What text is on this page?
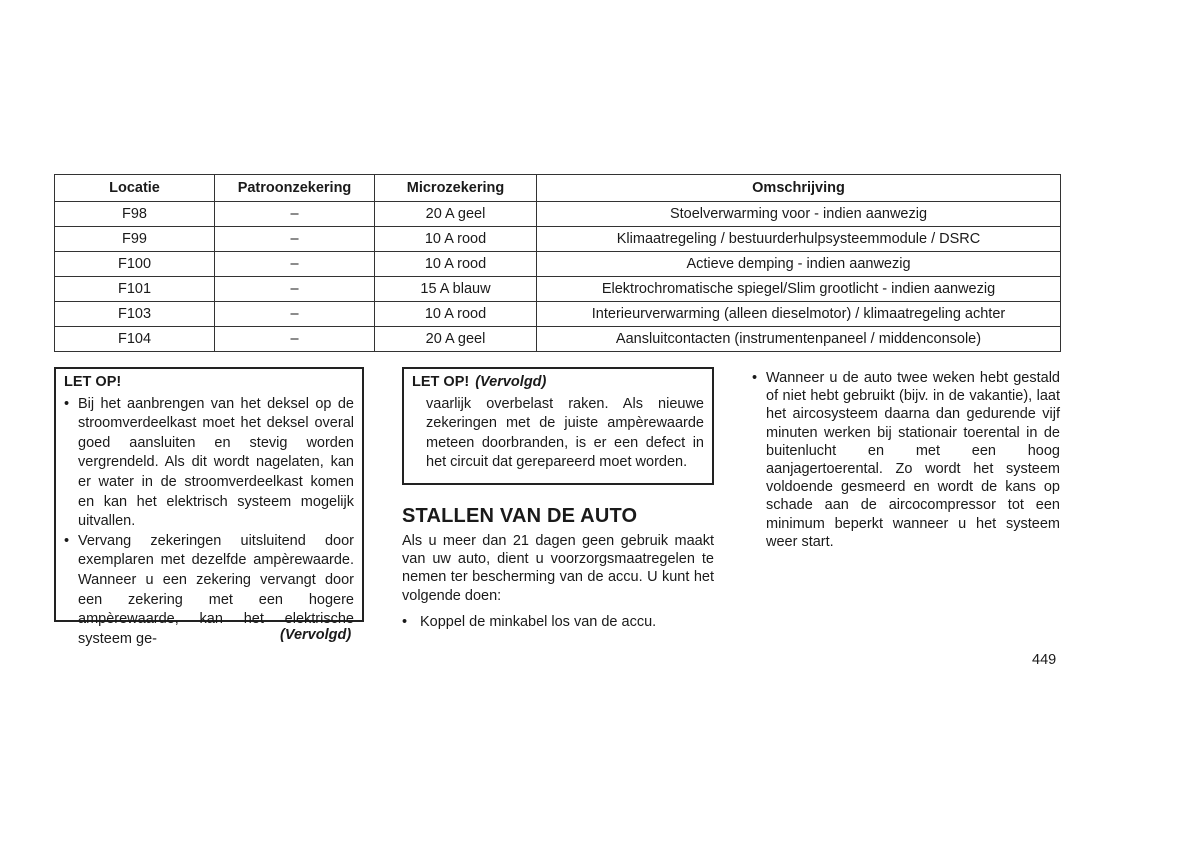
Locatie	Patroonzekering	Microzekering	Omschrijving
F98	–	20 A geel	Stoelverwarming voor - indien aanwezig
F99	–	10 A rood	Klimaatregeling / bestuurderhulpsysteemmodule / DSRC
F100	–	10 A rood	Actieve demping - indien aanwezig
F101	–	15 A blauw	Elektrochromatische spiegel/Slim grootlicht - indien aanwezig
F103	–	10 A rood	Interieurverwarming (alleen dieselmotor) / klimaatregeling achter
F104	–	20 A geel	Aansluitcontacten (instrumentenpaneel / middenconsole)
LET OP!
• Bij het aanbrengen van het deksel op de stroomverdeelkast moet het deksel overal goed aansluiten en stevig worden vergrendeld. Als dit wordt nagelaten, kan er water in de stroomverdeelkast komen en kan het elektrisch systeem mogelijk uitvallen.
• Vervang zekeringen uitsluitend door exemplaren met dezelfde ampèrewaarde. Wanneer u een zekering vervangt door een zekering met een hogere ampèrewaarde, kan het elektrische systeem ge-	(Vervolgd)
LET OP! (Vervolgd)
vaarlijk overbelast raken. Als nieuwe zekeringen met de juiste ampèrewaarde meteen doorbranden, is er een defect in het circuit dat gerepareerd moet worden.
STALLEN VAN DE AUTO
Als u meer dan 21 dagen geen gebruik maakt van uw auto, dient u voorzorgsmaatregelen te nemen ter bescherming van de accu. U kunt het volgende doen:
• Koppel de minkabel los van de accu.
• Wanneer u de auto twee weken hebt gestald of niet hebt gebruikt (bijv. in de vakantie), laat het aircosysteem daarna dan gedurende vijf minuten werken bij stationair toerental in de buitenlucht en met een hoog aanjagertoerental. Zo wordt het systeem voldoende gesmeerd en wordt de kans op schade aan de aircocompressor tot een minimum beperkt wanneer u het systeem weer start.
449
